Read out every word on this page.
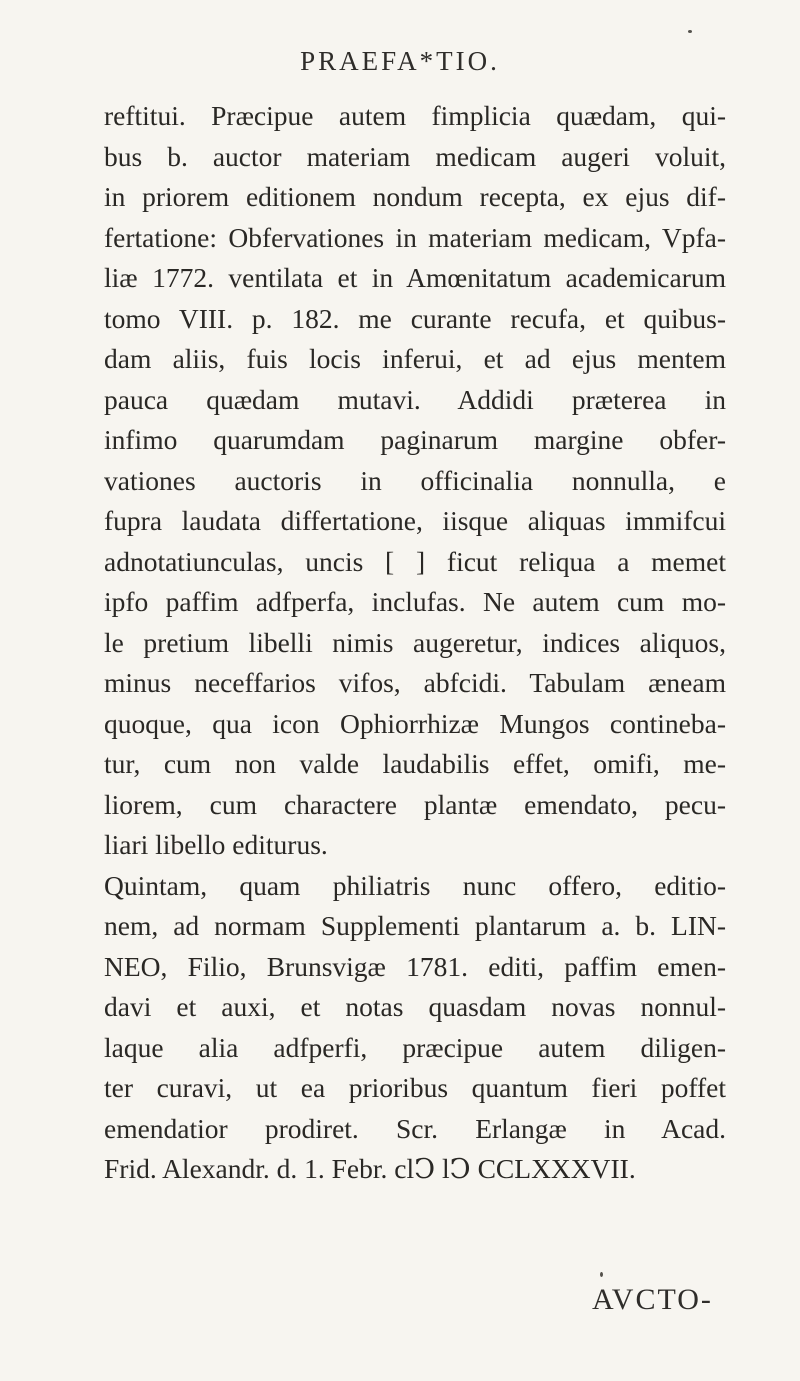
PRAEFA*TIO.
reftitui. Præcipue autem fimplicia quædam, qui-
bus b. auctor materiam medicam augeri voluit,
in priorem editionem nondum recepta, ex ejus dif-
fertatione: Obfervationes in materiam medicam, Vpfa-
liæ 1772. ventilata et in Amœnitatum academicarum
tomo VIII. p. 182. me curante recufa, et quibus-
dam aliis, fuis locis inferui, et ad ejus mentem
pauca quædam mutavi. Addidi præterea in
infimo quarumdam paginarum margine obfer-
vationes auctoris in officinalia nonnulla, e
fupra laudata differtatione, iisque aliquas immifcui
adnotatiunculas, uncis [ ] ficut reliqua a memet
ipfo paffim adfperfa, inclufas. Ne autem cum mo-
le pretium libelli nimis augeretur, indices aliquos,
minus neceffarios vifos, abfcidi. Tabulam æneam
quoque, qua icon Ophiorrhizæ Mungos contineba-
tur, cum non valde laudabilis effet, omifi, me-
liorem, cum charactere plantæ emendato, pecu-
liari libello editurus.
Quintam, quam philiatris nunc offero, editio-
nem, ad normam Supplementi plantarum a. b. LIN-
NEO, Filio, Brunsvigæ 1781. editi, paffim emen-
davi et auxi, et notas quasdam novas nonnul-
laque alia adfperfi, præcipue autem diligen-
ter curavi, ut ea prioribus quantum fieri poffet
emendatior prodiret. Scr. Erlangæ in Acad.
Frid. Alexandr. d. 1. Febr. clↃ lↃ CCLXXXVII.
AVCTO-
